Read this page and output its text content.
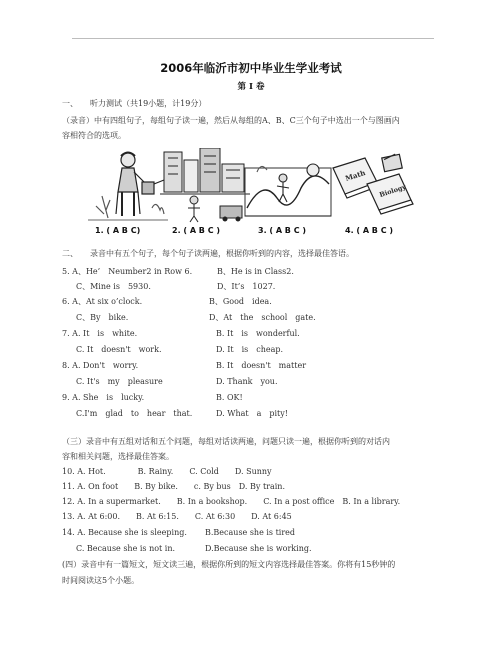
2006年临沂市初中毕业生学业考试
第 I 卷
一、　　听力测试（共19小题，计19分）
（录音）中有四组句子，每组句子读一遍，然后从每组的A、B、C三个句子中选出一个与图画内
容相符合的选项。
1. ( A B C)	2. ( A B C )	3. ( A B C )
Math
Biology
4. ( A B C )
二、　　录音中有五个句子，每个句子读两遍，根据你听到的内容，选择最佳答语。
5. A、He’　Neumber2 in Row 6.	B、He is in Class2.
C、Mine is　5930.	D、It’s　1027.
6. A、At six o’clock.	B、Good　idea.
C、By　bike.	D、At　the　school　gate.
7. A. It　is　white.	B. It　is　wonderful.
C. It　doesn't　work.	D. It　is　cheap.
8. A. Don't　worry.	B. It　doesn't　matter
C. It's　my　pleasure	D. Thank　you.
9. A. She　is　lucky.	B. OK!
C.I'm　glad　to　hear　that.	D. What　a　pity!
（三）录音中有五组对话和五个问题，每组对话读两遍，问题只读一遍，根据你听到的对话内
容和相关问题，选择最佳答案。
10. A. Hot.　　　　B. Rainy.　　C. Cold　　D. Sunny
11. A. On foot　　B. By bike.　　c. By bus　D. By train.
12. A. In a supermarket.　　B. In a bookshop.　　C. In a post office　B. In a library.
13. A. At 6:00.　　B. At 6:15.　　C. At 6:30　　D. At 6:45
14. A. Because she is sleeping. B.Because she is tired
C. Because she is not in.	D.Because she is working.
(四）录音中有一篇短文，短文读三遍，根据你所到的短文内容选择最佳答案。你将有15秒钟的
时间阅读这5个小题。
